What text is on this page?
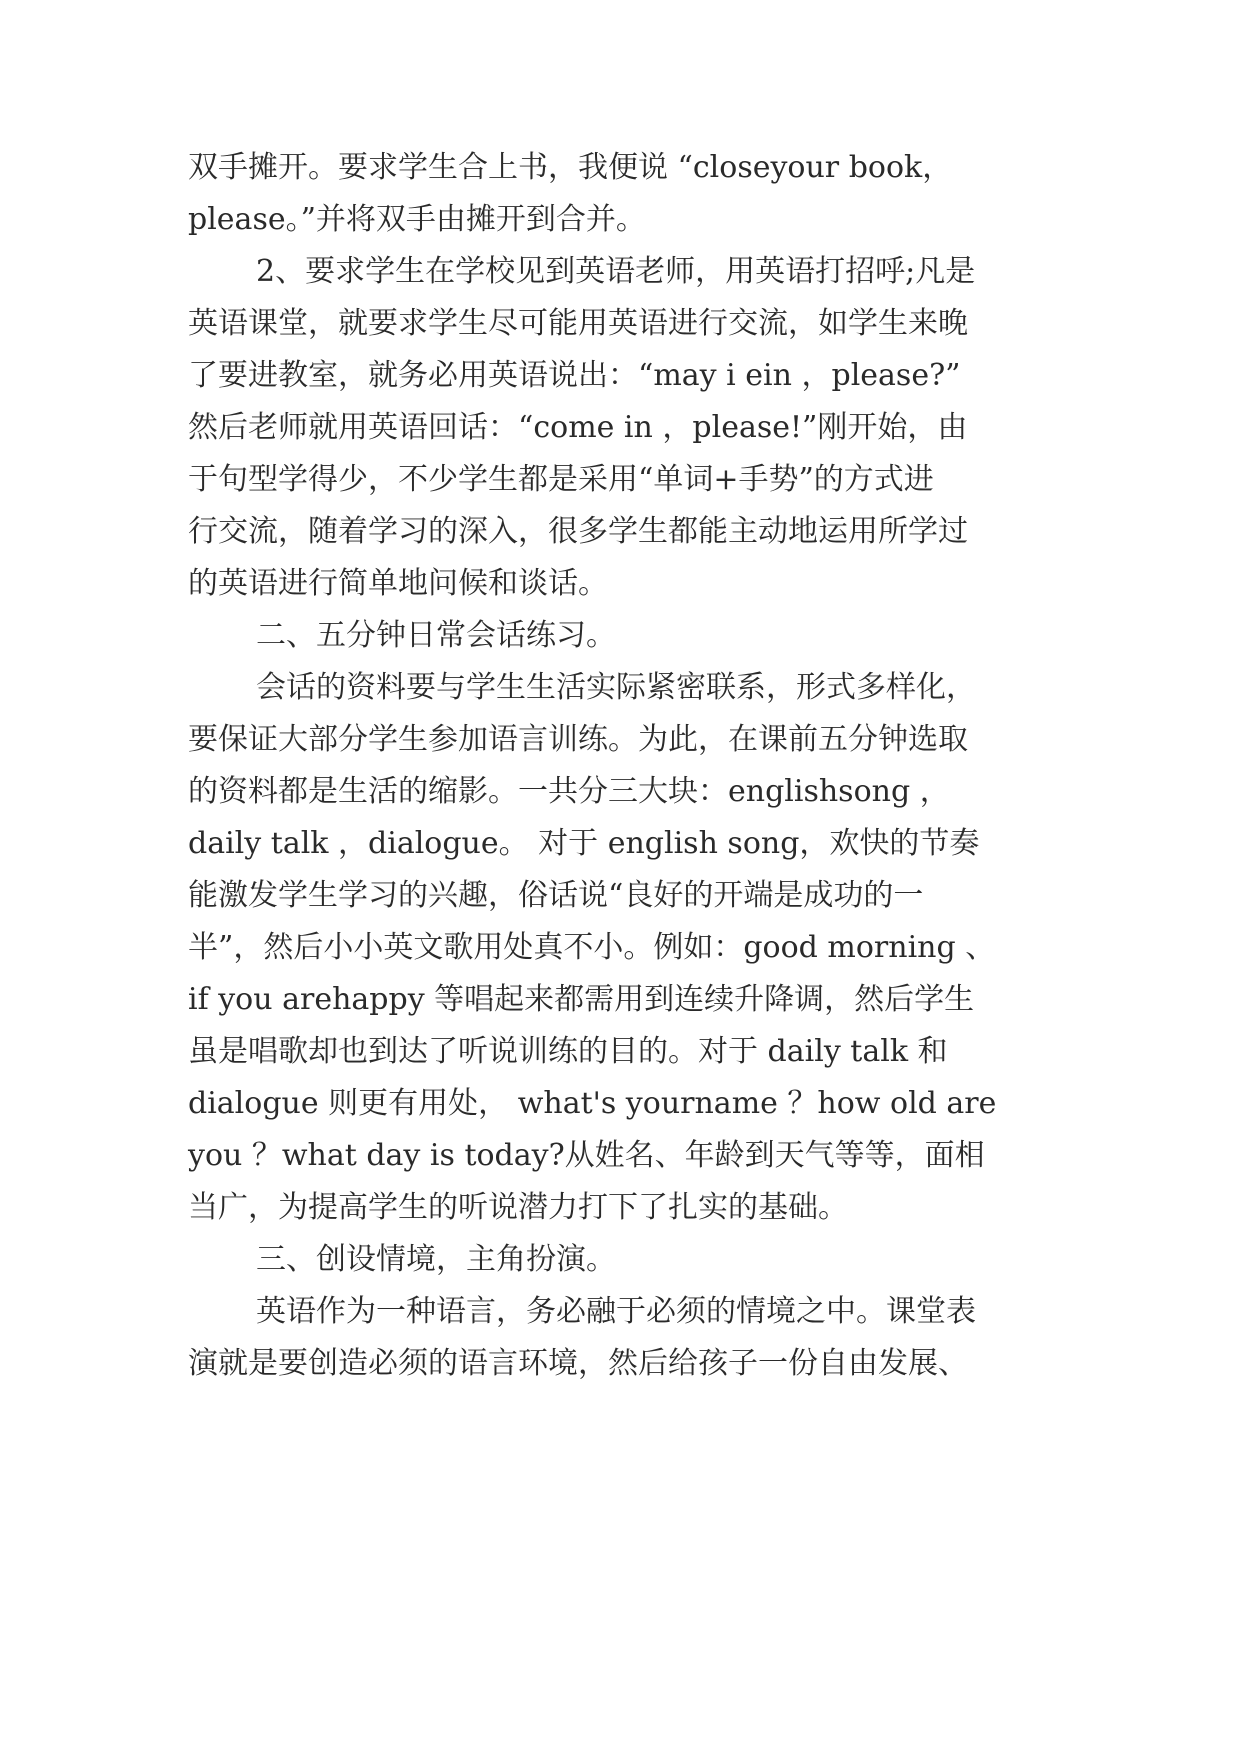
双手摊开。要求学生合上书，我便说 “closeyour book，
please。”并将双手由摊开到合并。
2、要求学生在学校见到英语老师，用英语打招呼;凡是
英语课堂，就要求学生尽可能用英语进行交流，如学生来晚
了要进教室，就务必用英语说出：“may i ein ，please?”
然后老师就用英语回话：“come in ，please!”刚开始，由
于句型学得少，不少学生都是采用“单词+手势”的方式进
行交流，随着学习的深入，很多学生都能主动地运用所学过
的英语进行简单地问候和谈话。
二、五分钟日常会话练习。
会话的资料要与学生生活实际紧密联系，形式多样化，
要保证大部分学生参加语言训练。为此，在课前五分钟选取
的资料都是生活的缩影。一共分三大块：englishsong ，
daily talk ，dialogue。 对于 english song，欢快的节奏
能激发学生学习的兴趣，俗话说“良好的开端是成功的一
半”，然后小小英文歌用处真不小。例如：good morning 、
if you arehappy 等唱起来都需用到连续升降调，然后学生
虽是唱歌却也到达了听说训练的目的。对于 daily talk 和
dialogue 则更有用处， what's yourname ？how old are
you ？what day is today?从姓名、年龄到天气等等，面相
当广，为提高学生的听说潜力打下了扎实的基础。
三、创设情境，主角扮演。
英语作为一种语言，务必融于必须的情境之中。课堂表
演就是要创造必须的语言环境，然后给孩子一份自由发展、
